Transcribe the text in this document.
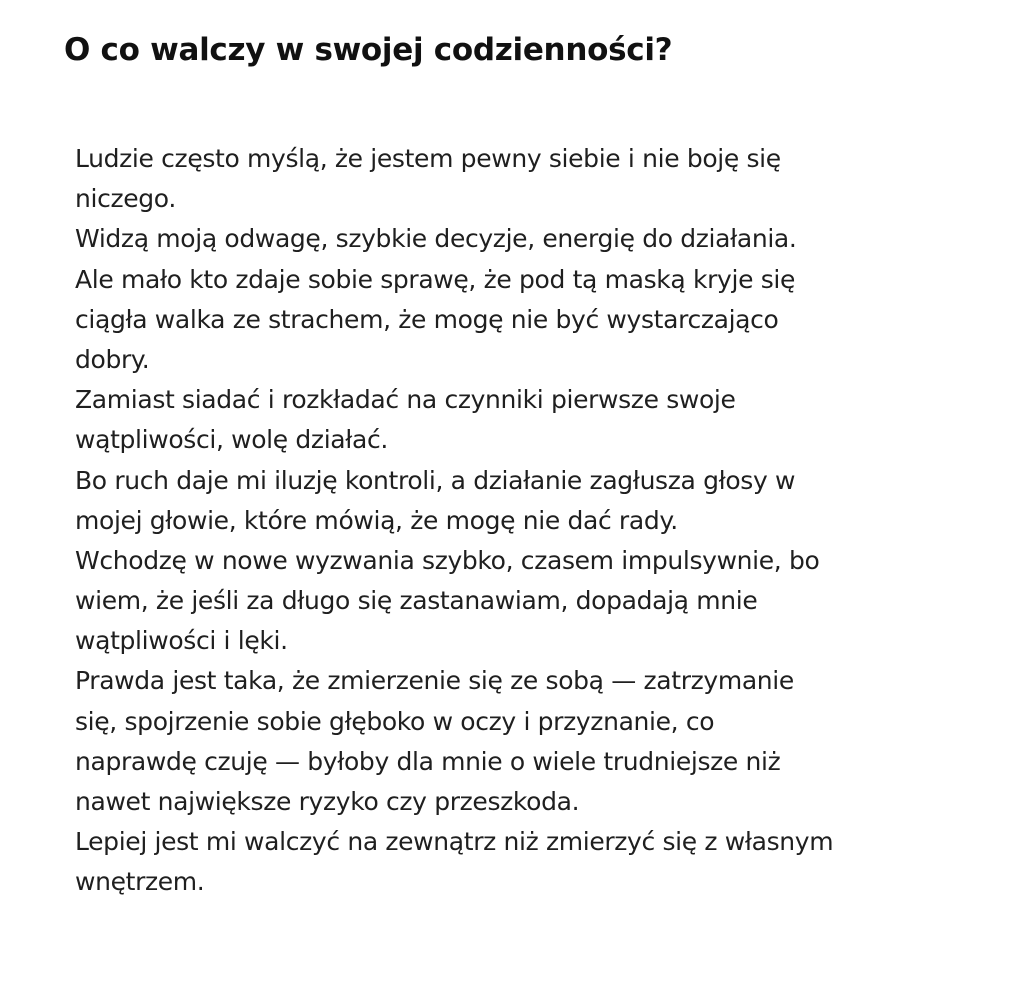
O co walczy w swojej codzienności?
Ludzie często myślą, że jestem pewny siebie i nie boję się
niczego.
Widzą moją odwagę, szybkie decyzje, energię do działania.
Ale mało kto zdaje sobie sprawę, że pod tą maską kryje się
ciągła walka ze strachem, że mogę nie być wystarczająco
dobry.
Zamiast siadać i rozkładać na czynniki pierwsze swoje
wątpliwości, wolę działać.
Bo ruch daje mi iluzję kontroli, a działanie zagłusza głosy w
mojej głowie, które mówią, że mogę nie dać rady.
Wchodzę w nowe wyzwania szybko, czasem impulsywnie, bo
wiem, że jeśli za długo się zastanawiam, dopadają mnie
wątpliwości i lęki.
Prawda jest taka, że zmierzenie się ze sobą — zatrzymanie
się, spojrzenie sobie głęboko w oczy i przyznanie, co
naprawdę czuję — byłoby dla mnie o wiele trudniejsze niż
nawet największe ryzyko czy przeszkoda.
Lepiej jest mi walczyć na zewnątrz niż zmierzyć się z własnym
wnętrzem.
